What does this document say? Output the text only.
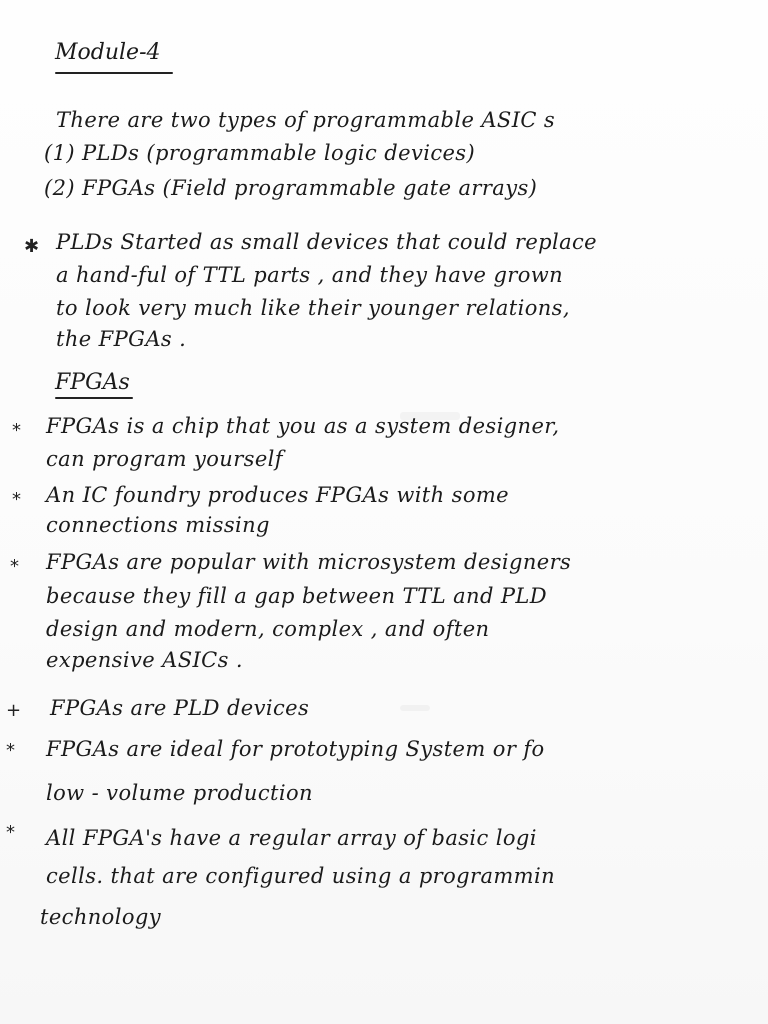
Module-4
There are two types of programmable ASIC s
(1) PLDs (programmable logic devices)
(2) FPGAs (Field programmable gate arrays)
✱ PLDs Started as small devices that could replace
a hand-ful of TTL parts , and they have grown
to look very much like their younger relations,
the FPGAs .
FPGAs
* FPGAs is a chip that you as a system designer,
can program yourself
* An IC foundry produces FPGAs with some
connections missing
* FPGAs are popular with microsystem designers
because they fill a gap between TTL and PLD
design and modern, complex , and often
expensive ASICs .
+ FPGAs are PLD devices
* FPGAs are ideal for prototyping System or fo
low - volume production
* All FPGA's have a regular array of basic logi
cells. that are configured using a programmin
technology
